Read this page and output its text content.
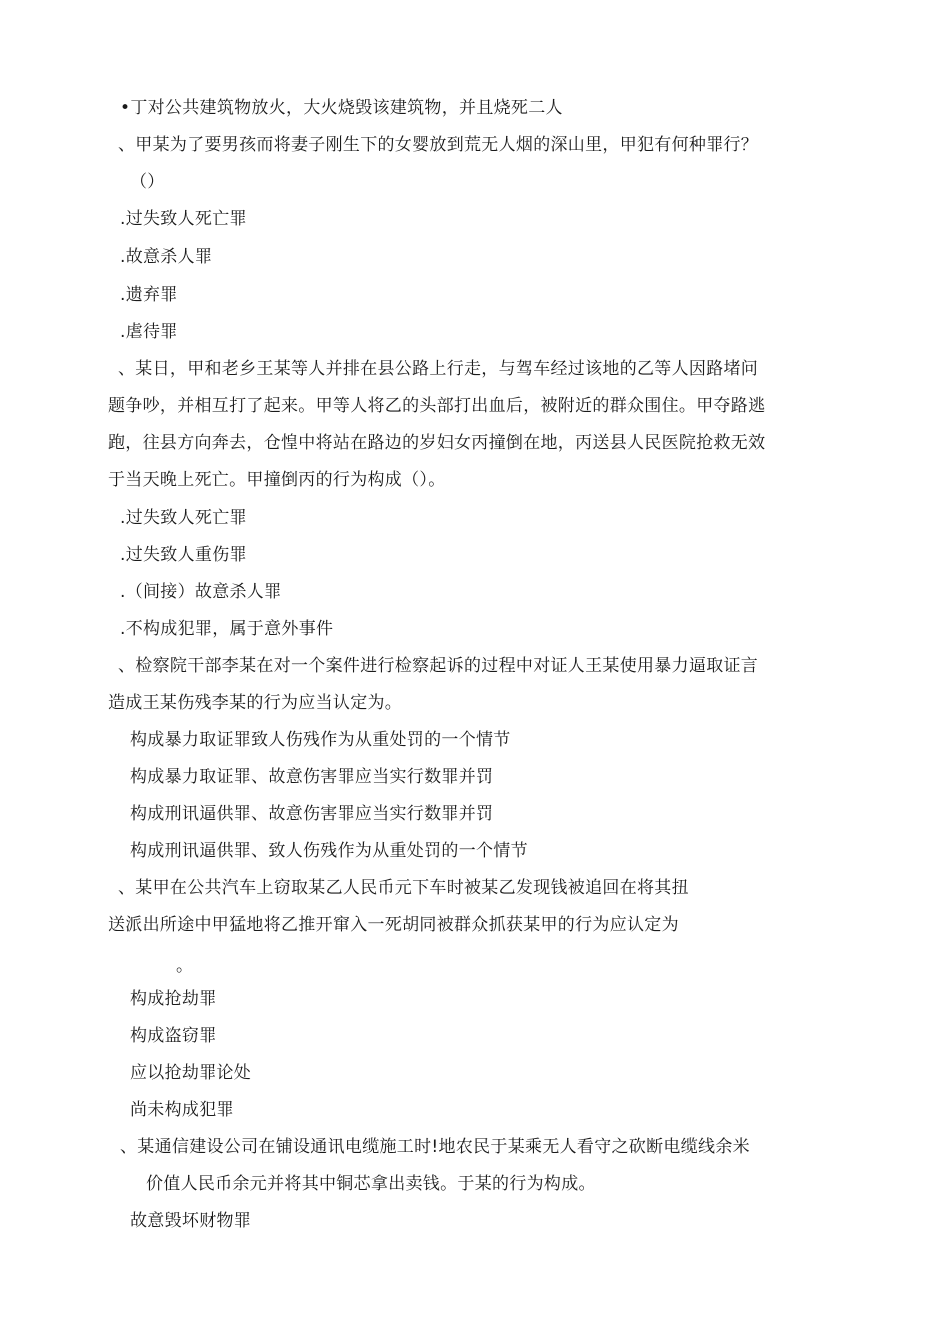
•丁对公共建筑物放火，大火烧毁该建筑物，并且烧死二人
、甲某为了要男孩而将妻子刚生下的女婴放到荒无人烟的深山里，甲犯有何种罪行？
（）
.过失致人死亡罪
.故意杀人罪
.遗弃罪
.虐待罪
、某日，甲和老乡王某等人并排在县公路上行走，与驾车经过该地的乙等人因路堵问
题争吵，并相互打了起来。甲等人将乙的头部打出血后，被附近的群众围住。甲夺路逃
跑，往县方向奔去，仓惶中将站在路边的岁妇女丙撞倒在地，丙送县人民医院抢救无效
于当天晚上死亡。甲撞倒丙的行为构成（）。
.过失致人死亡罪
.过失致人重伤罪
.（间接）故意杀人罪
.不构成犯罪，属于意外事件
、检察院干部李某在对一个案件进行检察起诉的过程中对证人王某使用暴力逼取证言
造成王某伤残李某的行为应当认定为。
构成暴力取证罪致人伤残作为从重处罚的一个情节
构成暴力取证罪、故意伤害罪应当实行数罪并罚
构成刑讯逼供罪、故意伤害罪应当实行数罪并罚
构成刑讯逼供罪、致人伤残作为从重处罚的一个情节
、某甲在公共汽车上窃取某乙人民币元下车时被某乙发现钱被追回在将其扭
送派出所途中甲猛地将乙推开窜入一死胡同被群众抓获某甲的行为应认定为
。
构成抢劫罪
构成盗窃罪
应以抢劫罪论处
尚未构成犯罪
、某通信建设公司在铺设通讯电缆施工时!地农民于某乘无人看守之砍断电缆线余米
价值人民币余元并将其中铜芯拿出卖钱。于某的行为构成。
故意毁坏财物罪
